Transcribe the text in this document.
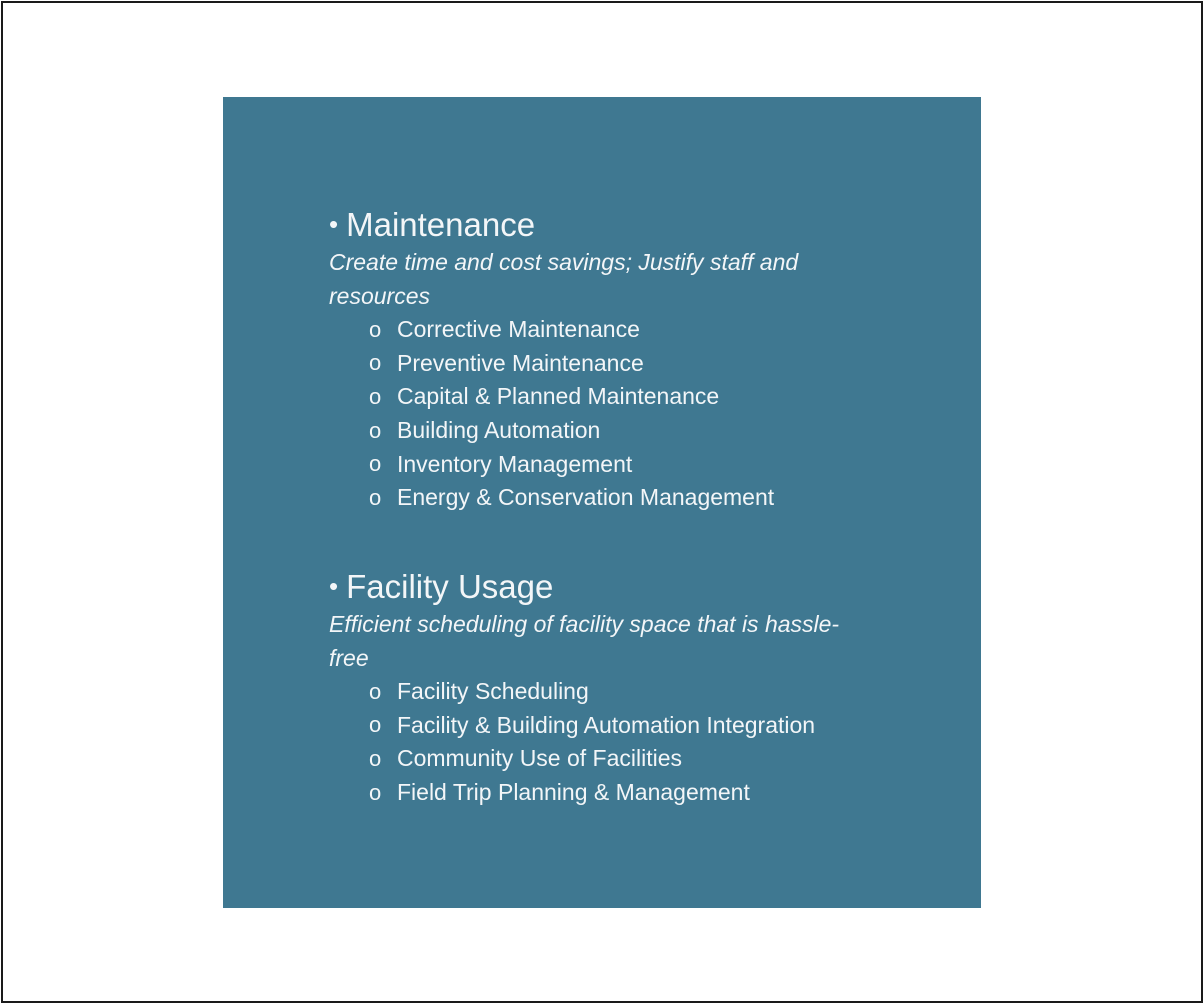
• Maintenance
Create time and cost savings; Justify staff and resources
o Corrective Maintenance
o Preventive Maintenance
o Capital & Planned Maintenance
o Building Automation
o Inventory Management
o Energy & Conservation Management
• Facility Usage
Efficient scheduling of facility space that is hassle-free
o Facility Scheduling
o Facility & Building Automation Integration
o Community Use of Facilities
o Field Trip Planning & Management
